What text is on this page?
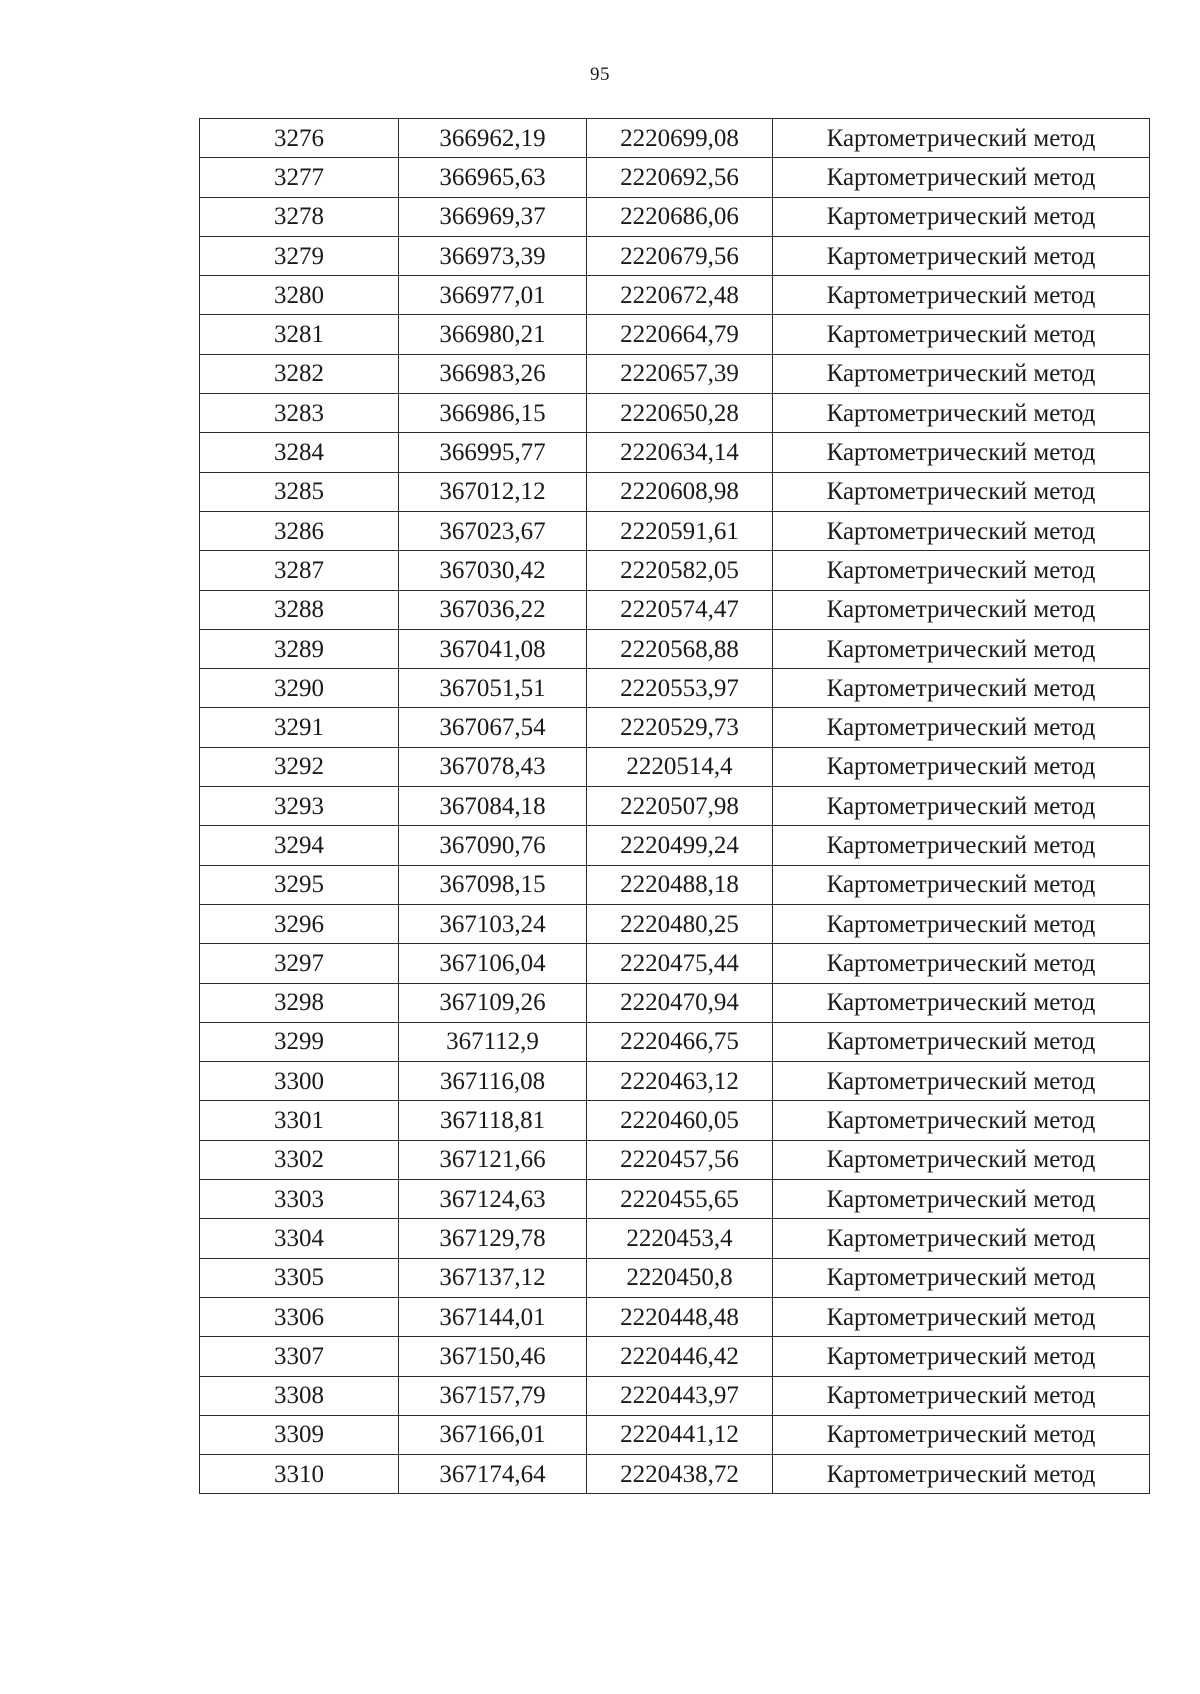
95
3276	366962,19	2220699,08	Картометрический метод
3277	366965,63	2220692,56	Картометрический метод
3278	366969,37	2220686,06	Картометрический метод
3279	366973,39	2220679,56	Картометрический метод
3280	366977,01	2220672,48	Картометрический метод
3281	366980,21	2220664,79	Картометрический метод
3282	366983,26	2220657,39	Картометрический метод
3283	366986,15	2220650,28	Картометрический метод
3284	366995,77	2220634,14	Картометрический метод
3285	367012,12	2220608,98	Картометрический метод
3286	367023,67	2220591,61	Картометрический метод
3287	367030,42	2220582,05	Картометрический метод
3288	367036,22	2220574,47	Картометрический метод
3289	367041,08	2220568,88	Картометрический метод
3290	367051,51	2220553,97	Картометрический метод
3291	367067,54	2220529,73	Картометрический метод
3292	367078,43	2220514,4	Картометрический метод
3293	367084,18	2220507,98	Картометрический метод
3294	367090,76	2220499,24	Картометрический метод
3295	367098,15	2220488,18	Картометрический метод
3296	367103,24	2220480,25	Картометрический метод
3297	367106,04	2220475,44	Картометрический метод
3298	367109,26	2220470,94	Картометрический метод
3299	367112,9	2220466,75	Картометрический метод
3300	367116,08	2220463,12	Картометрический метод
3301	367118,81	2220460,05	Картометрический метод
3302	367121,66	2220457,56	Картометрический метод
3303	367124,63	2220455,65	Картометрический метод
3304	367129,78	2220453,4	Картометрический метод
3305	367137,12	2220450,8	Картометрический метод
3306	367144,01	2220448,48	Картометрический метод
3307	367150,46	2220446,42	Картометрический метод
3308	367157,79	2220443,97	Картометрический метод
3309	367166,01	2220441,12	Картометрический метод
3310	367174,64	2220438,72	Картометрический метод
